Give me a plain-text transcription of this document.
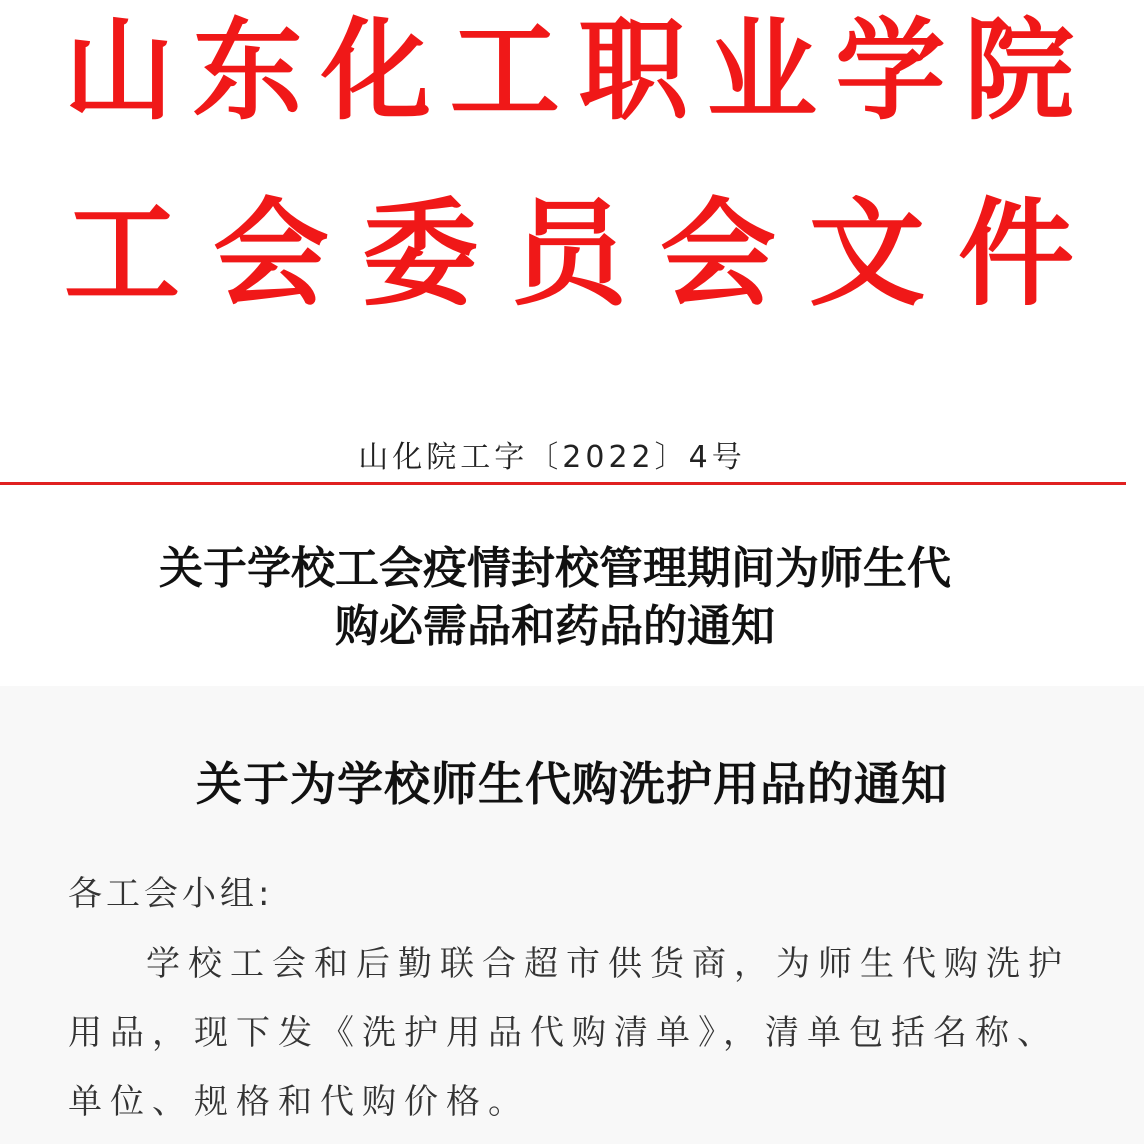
山 东 化 工 职 业 学 院
工 会 委 员 会 文 件
山化院工字〔2022〕4号
关于学校工会疫情封校管理期间为师生代
购必需品和药品的通知
关于为学校师生代购洗护用品的通知
各工会小组:
学校工会和后勤联合超市供货商，为师生代购洗护用品，现下发《洗护用品代购清单》，清单包括名称、单位、规格和代购价格。
